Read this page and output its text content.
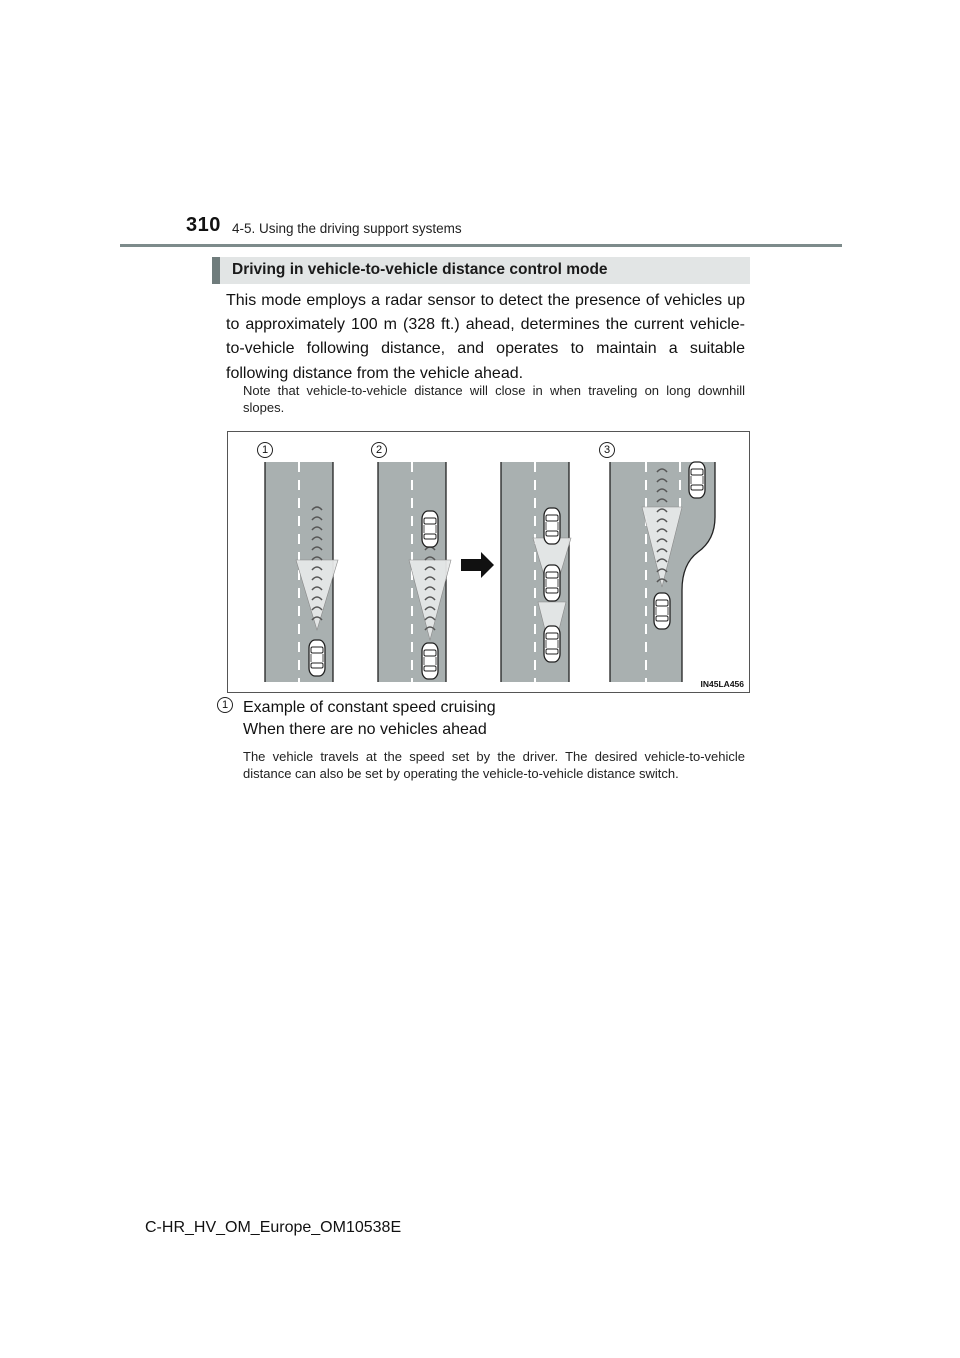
310 4-5. Using the driving support systems
Driving in vehicle-to-vehicle distance control mode

This mode employs a radar sensor to detect the presence of vehicles up to approximately 100 m (328 ft.) ahead, determines the current vehicle-to-vehicle following distance, and operates to maintain a suitable following distance from the vehicle ahead.

Note that vehicle-to-vehicle distance will close in when traveling on long downhill slopes.

1	2	3
IN45LA456
1 Example of constant speed cruising
When there are no vehicles ahead

The vehicle travels at the speed set by the driver. The desired vehicle-to-vehicle distance can also be set by operating the vehicle-to-vehicle distance switch.

C-HR_HV_OM_Europe_OM10538E
